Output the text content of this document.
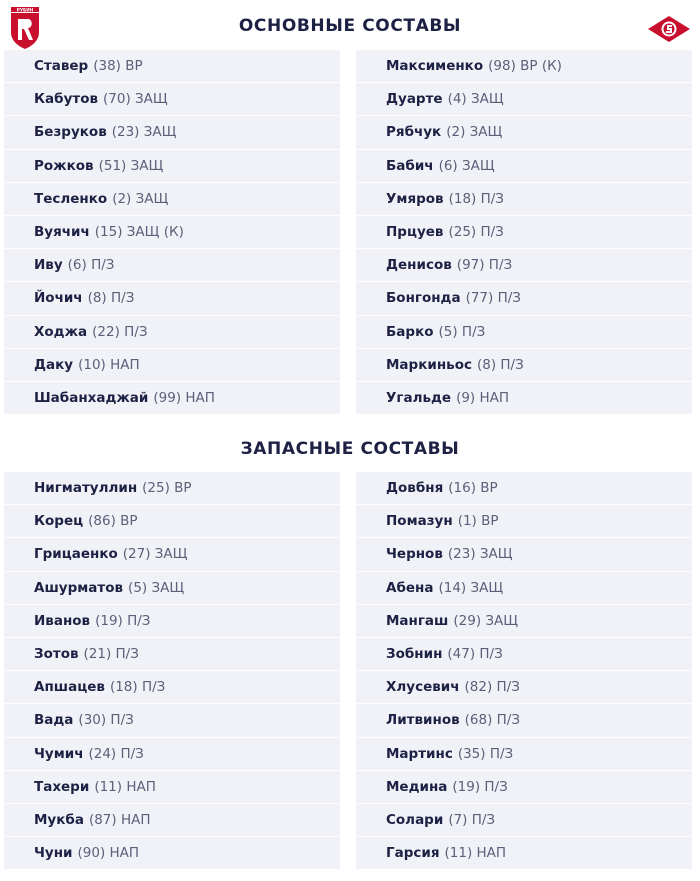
РУБИН
ОСНОВНЫЕ СОСТАВЫ
Ставер (38) ВР	Максименко (98) ВР (К)
Кабутов (70) ЗАЩ	Дуарте (4) ЗАЩ
Безруков (23) ЗАЩ	Рябчук (2) ЗАЩ
Рожков (51) ЗАЩ	Бабич (6) ЗАЩ
Тесленко (2) ЗАЩ	Умяров (18) П/З
Вуячич (15) ЗАЩ (К)	Прцуев (25) П/З
Иву (6) П/З	Денисов (97) П/З
Йочич (8) П/З	Бонгонда (77) П/З
Ходжа (22) П/З	Барко (5) П/З
Даку (10) НАП	Маркиньос (8) П/З
Шабанхаджай (99) НАП	Угальде (9) НАП
ЗАПАСНЫЕ СОСТАВЫ
Нигматуллин (25) ВР	Довбня (16) ВР
Корец (86) ВР	Помазун (1) ВР
Грицаенко (27) ЗАЩ	Чернов (23) ЗАЩ
Ашурматов (5) ЗАЩ	Абена (14) ЗАЩ
Иванов (19) П/З	Мангаш (29) ЗАЩ
Зотов (21) П/З	Зобнин (47) П/З
Апшацев (18) П/З	Хлусевич (82) П/З
Вада (30) П/З	Литвинов (68) П/З
Чумич (24) П/З	Мартинс (35) П/З
Тахери (11) НАП	Медина (19) П/З
Мукба (87) НАП	Солари (7) П/З
Чуни (90) НАП	Гарсия (11) НАП
